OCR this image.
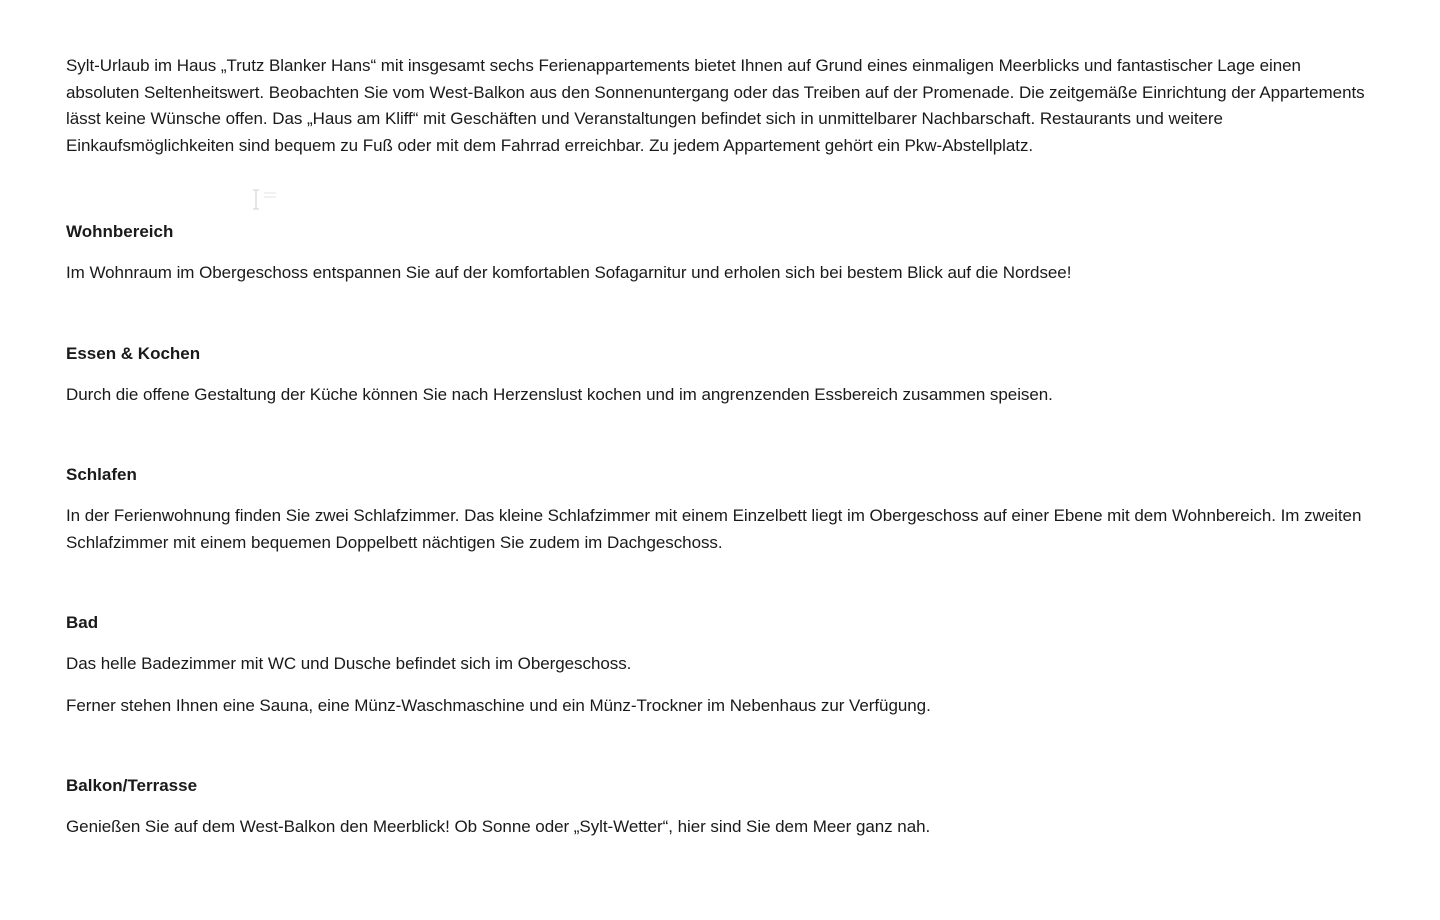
Sylt-Urlaub im Haus „Trutz Blanker Hans“ mit insgesamt sechs Ferienappartements bietet Ihnen auf Grund eines einmaligen Meerblicks und fantastischer Lage einen absoluten Seltenheitswert. Beobachten Sie vom West-Balkon aus den Sonnenuntergang oder das Treiben auf der Promenade. Die zeitgemäße Einrichtung der Appartements lässt keine Wünsche offen. Das „Haus am Kliff“ mit Geschäften und Veranstaltungen befindet sich in unmittelbarer Nachbarschaft. Restaurants und weitere Einkaufsmöglichkeiten sind bequem zu Fuß oder mit dem Fahrrad erreichbar. Zu jedem Appartement gehört ein Pkw-Abstellplatz.

Wohnbereich

Im Wohnraum im Obergeschoss entspannen Sie auf der komfortablen Sofagarnitur und erholen sich bei bestem Blick auf die Nordsee!

Essen & Kochen

Durch die offene Gestaltung der Küche können Sie nach Herzenslust kochen und im angrenzenden Essbereich zusammen speisen.

Schlafen

In der Ferienwohnung finden Sie zwei Schlafzimmer. Das kleine Schlafzimmer mit einem Einzelbett liegt im Obergeschoss auf einer Ebene mit dem Wohnbereich. Im zweiten Schlafzimmer mit einem bequemen Doppelbett nächtigen Sie zudem im Dachgeschoss.

Bad

Das helle Badezimmer mit WC und Dusche befindet sich im Obergeschoss.

Ferner stehen Ihnen eine Sauna, eine Münz-Waschmaschine und ein Münz-Trockner im Nebenhaus zur Verfügung.

Balkon/Terrasse

Genießen Sie auf dem West-Balkon den Meerblick! Ob Sonne oder „Sylt-Wetter“, hier sind Sie dem Meer ganz nah.
